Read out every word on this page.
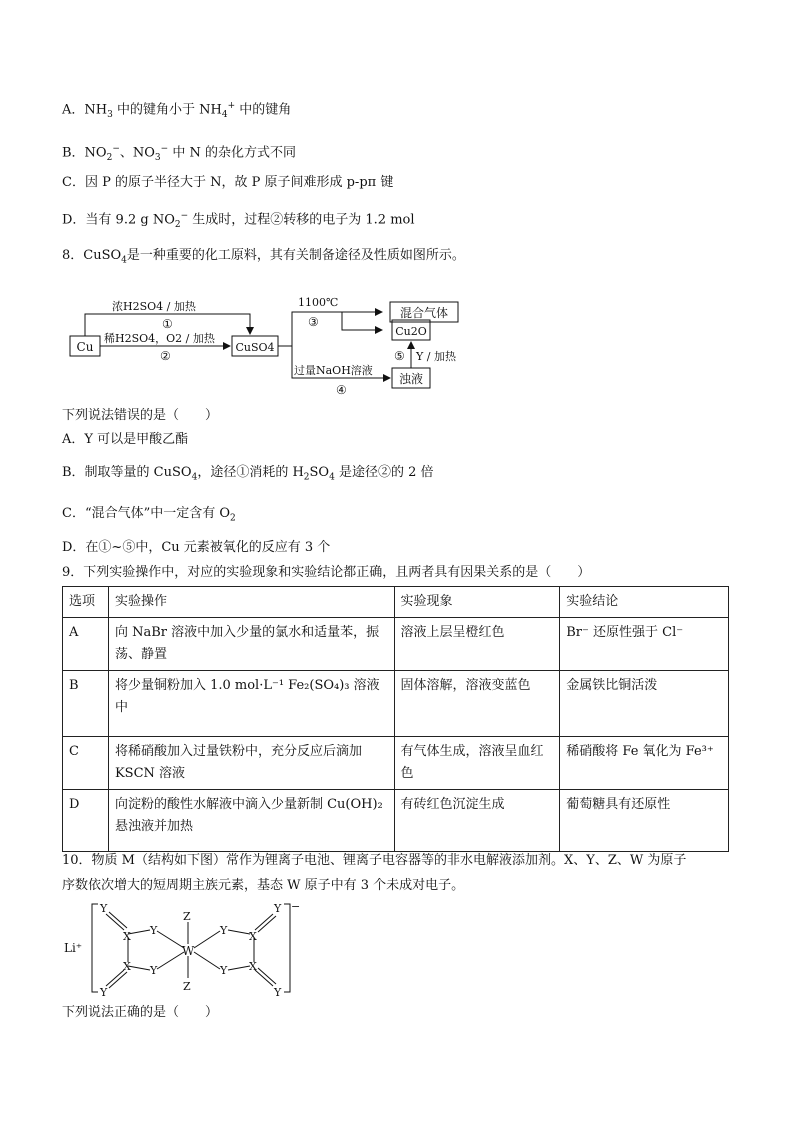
A．$NH_3$ 中的键角小于 $NH_4^+$ 中的键角
B．$NO_2^-$、$NO_3^-$ 中 N 的杂化方式不同
C．因 P 的原子半径大于 N，故 P 原子间难形成 p-pπ 键
D．当有 9.2 g $NO_2^-$ 生成时，过程②转移的电子为 1.2 mol
8．CuSO$_4$是一种重要的化工原料，其有关制备途径及性质如图所示。
Cu	CuSO4
浓H2SO4 / 加热
①
稀H2SO4，O2 / 加热
②
1100℃
③
过量NaOH溶液
④
混合气体
Cu2O
浊液
⑤ Y / 加热
下列说法错误的是（　　）
A．Y 可以是甲酸乙酯
B．制取等量的 CuSO$_4$，途径①消耗的 $H_2SO_4$ 是途径②的 2 倍
C．“混合气体”中一定含有 $O_2$
D．在①~⑤中，Cu 元素被氧化的反应有 3 个
9．下列实验操作中，对应的实验现象和实验结论都正确，且两者具有因果关系的是（　　）
选项	实验操作	实验现象	实验结论
A	向 NaBr 溶液中加入少量的氯水和适量苯，振荡、静置	溶液上层呈橙红色	Br⁻ 还原性强于 Cl⁻
B	将少量铜粉加入 1.0 mol·L⁻¹ Fe₂(SO₄)₃ 溶液中	固体溶解，溶液变蓝色	金属铁比铜活泼
C	将稀硝酸加入过量铁粉中，充分反应后滴加 KSCN 溶液	有气体生成，溶液呈血红色	稀硝酸将 Fe 氧化为 Fe³⁺
D	向淀粉的酸性水解液中滴入少量新制 Cu(OH)₂ 悬浊液并加热	有砖红色沉淀生成	葡萄糖具有还原性
10．物质 M（结构如下图）常作为锂离子电池、锂离子电容器等的非水电解液添加剂。X、Y、Z、W 为原子
序数依次增大的短周期主族元素，基态 W 原子中有 3 个未成对电子。
Li⁺
−
Y
X Y
X Y
Y
Z
W
Z
Y
Y
X
X
Y
Y
下列说法正确的是（　　）
